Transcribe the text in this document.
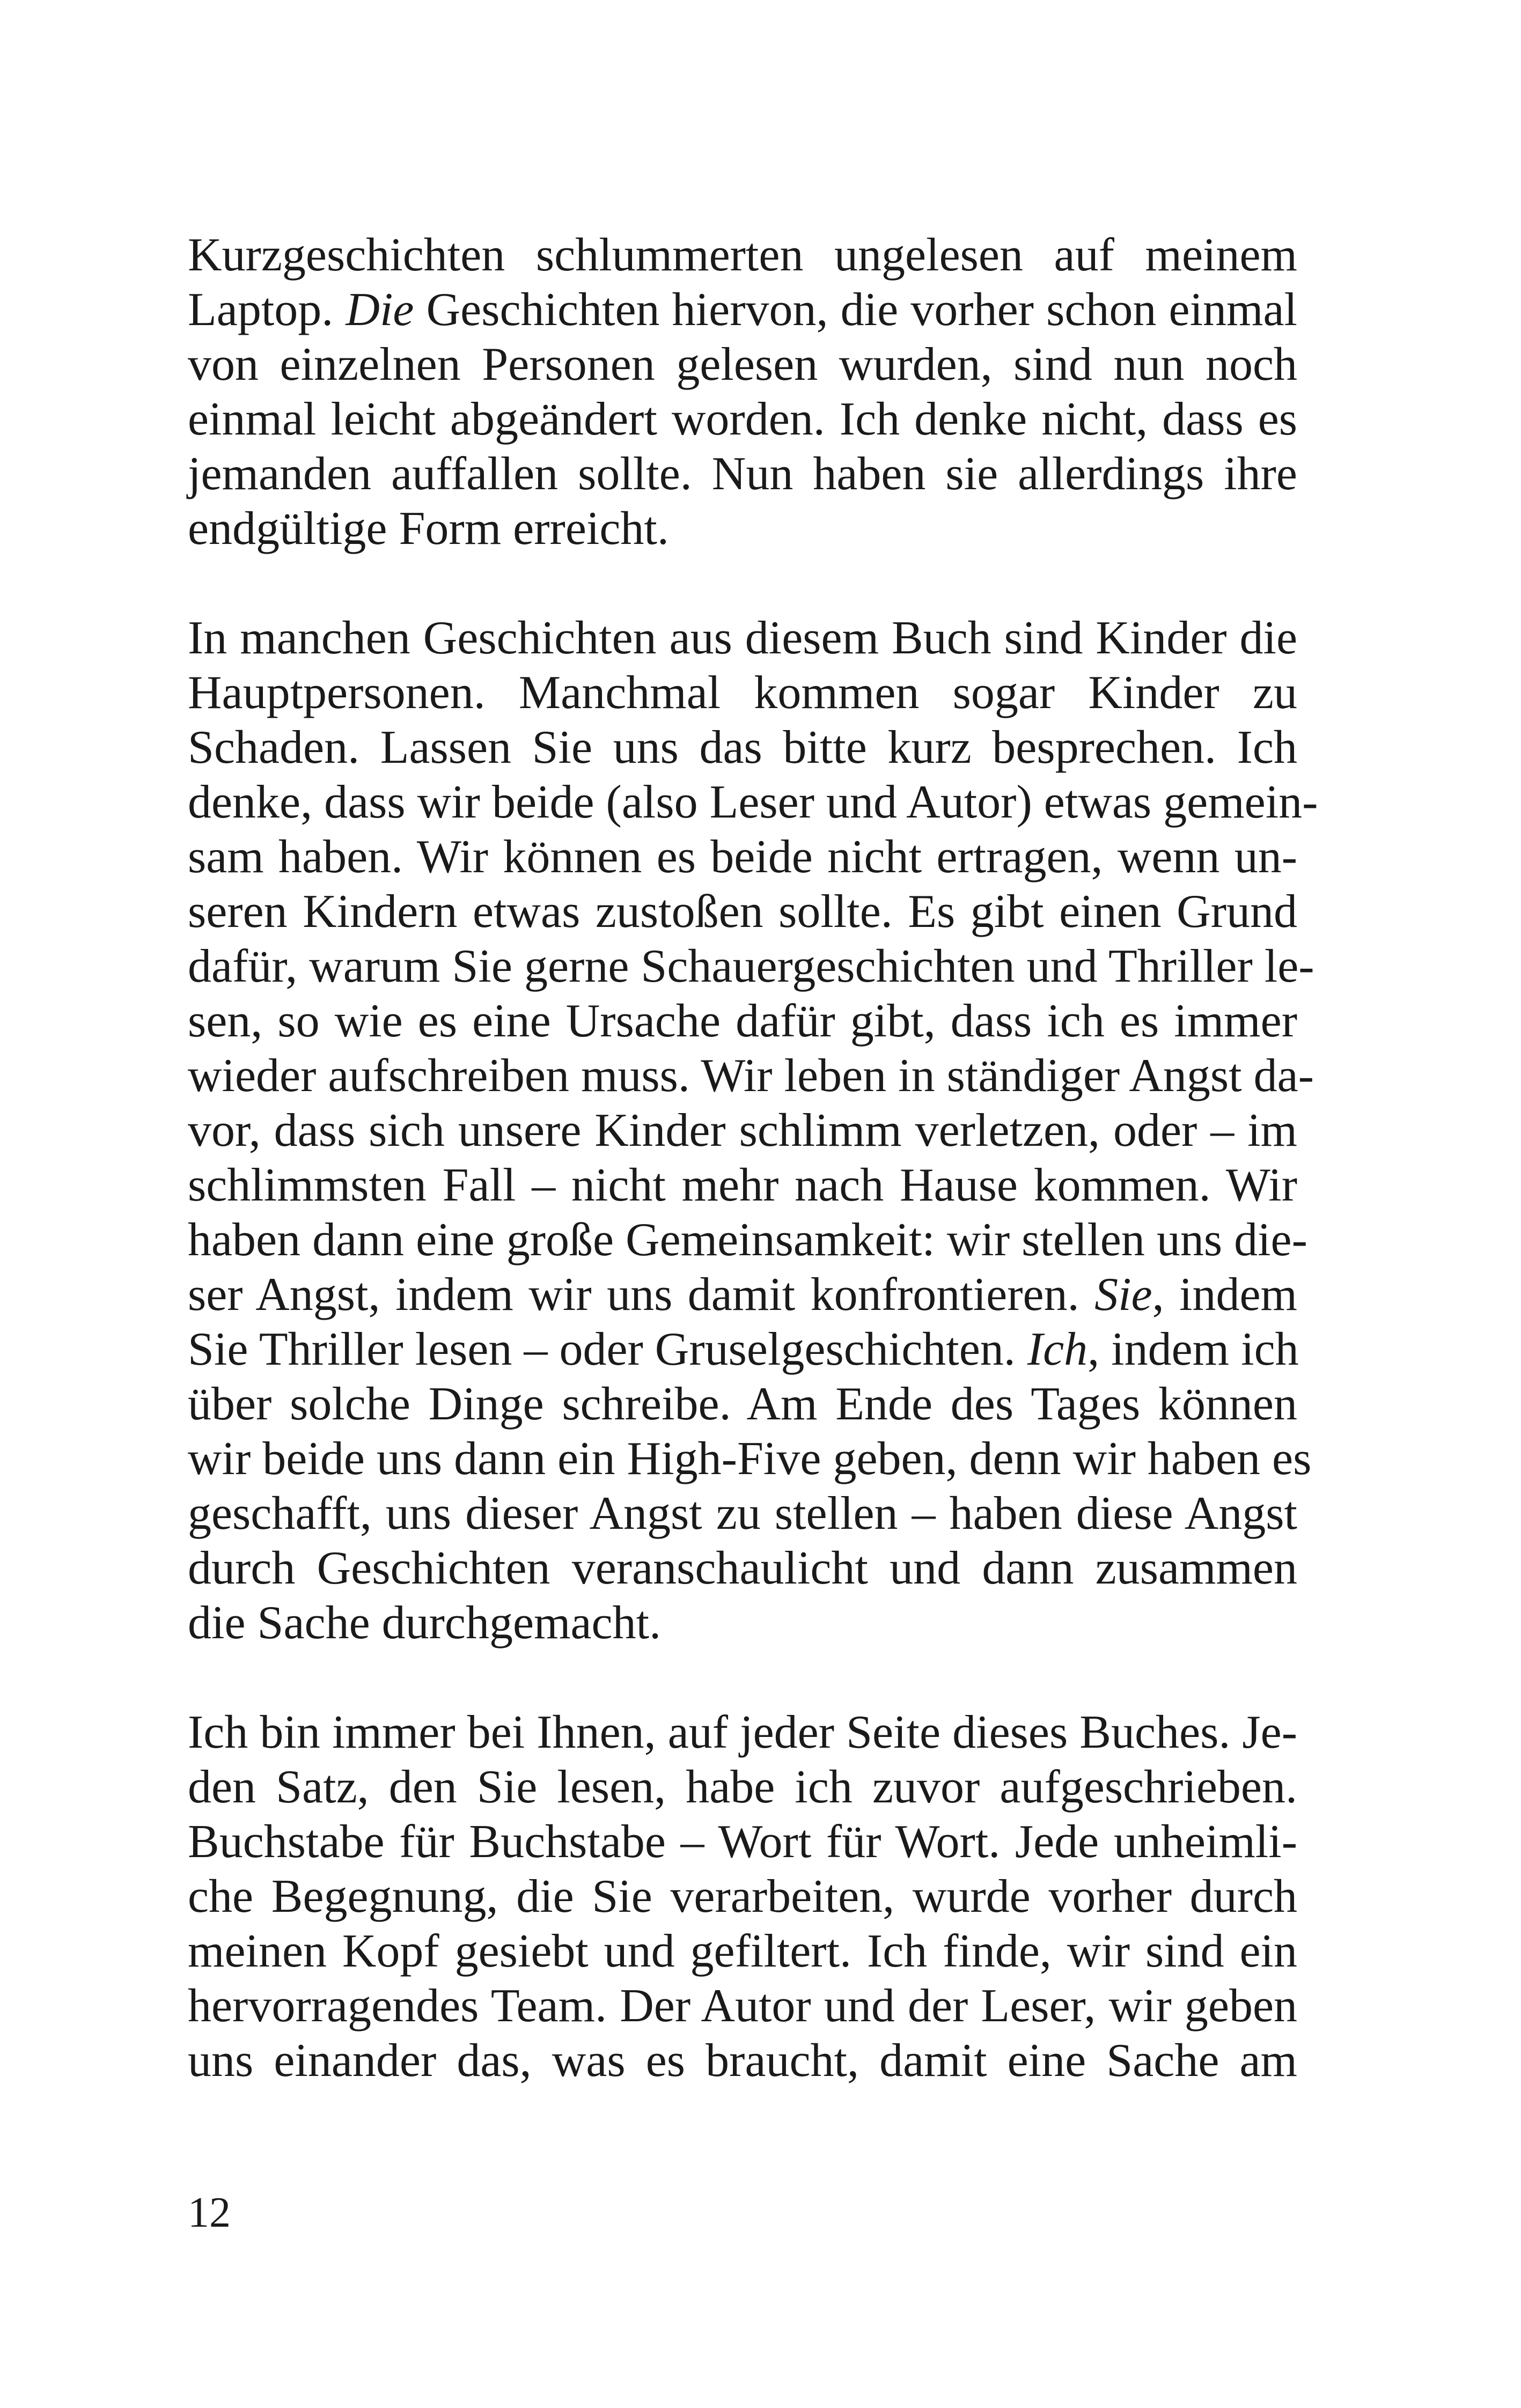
Kurzgeschichten schlummerten ungelesen auf meinem
Laptop. Die Geschichten hiervon, die vorher schon einmal
von einzelnen Personen gelesen wurden, sind nun noch
einmal leicht abgeändert worden. Ich denke nicht, dass es
jemanden auffallen sollte. Nun haben sie allerdings ihre
endgültige Form erreicht.
In manchen Geschichten aus diesem Buch sind Kinder die
Hauptpersonen. Manchmal kommen sogar Kinder zu
Schaden. Lassen Sie uns das bitte kurz besprechen. Ich
denke, dass wir beide (also Leser und Autor) etwas gemein-
sam haben. Wir können es beide nicht ertragen, wenn un-
seren Kindern etwas zustoßen sollte. Es gibt einen Grund
dafür, warum Sie gerne Schauergeschichten und Thriller le-
sen, so wie es eine Ursache dafür gibt, dass ich es immer
wieder aufschreiben muss. Wir leben in ständiger Angst da-
vor, dass sich unsere Kinder schlimm verletzen, oder – im
schlimmsten Fall – nicht mehr nach Hause kommen. Wir
haben dann eine große Gemeinsamkeit: wir stellen uns die-
ser Angst, indem wir uns damit konfrontieren. Sie, indem
Sie Thriller lesen – oder Gruselgeschichten. Ich, indem ich
über solche Dinge schreibe. Am Ende des Tages können
wir beide uns dann ein High-Five geben, denn wir haben es
geschafft, uns dieser Angst zu stellen – haben diese Angst
durch Geschichten veranschaulicht und dann zusammen
die Sache durchgemacht.
Ich bin immer bei Ihnen, auf jeder Seite dieses Buches. Je-
den Satz, den Sie lesen, habe ich zuvor aufgeschrieben.
Buchstabe für Buchstabe – Wort für Wort. Jede unheimli-
che Begegnung, die Sie verarbeiten, wurde vorher durch
meinen Kopf gesiebt und gefiltert. Ich finde, wir sind ein
hervorragendes Team. Der Autor und der Leser, wir geben
uns einander das, was es braucht, damit eine Sache am
12
